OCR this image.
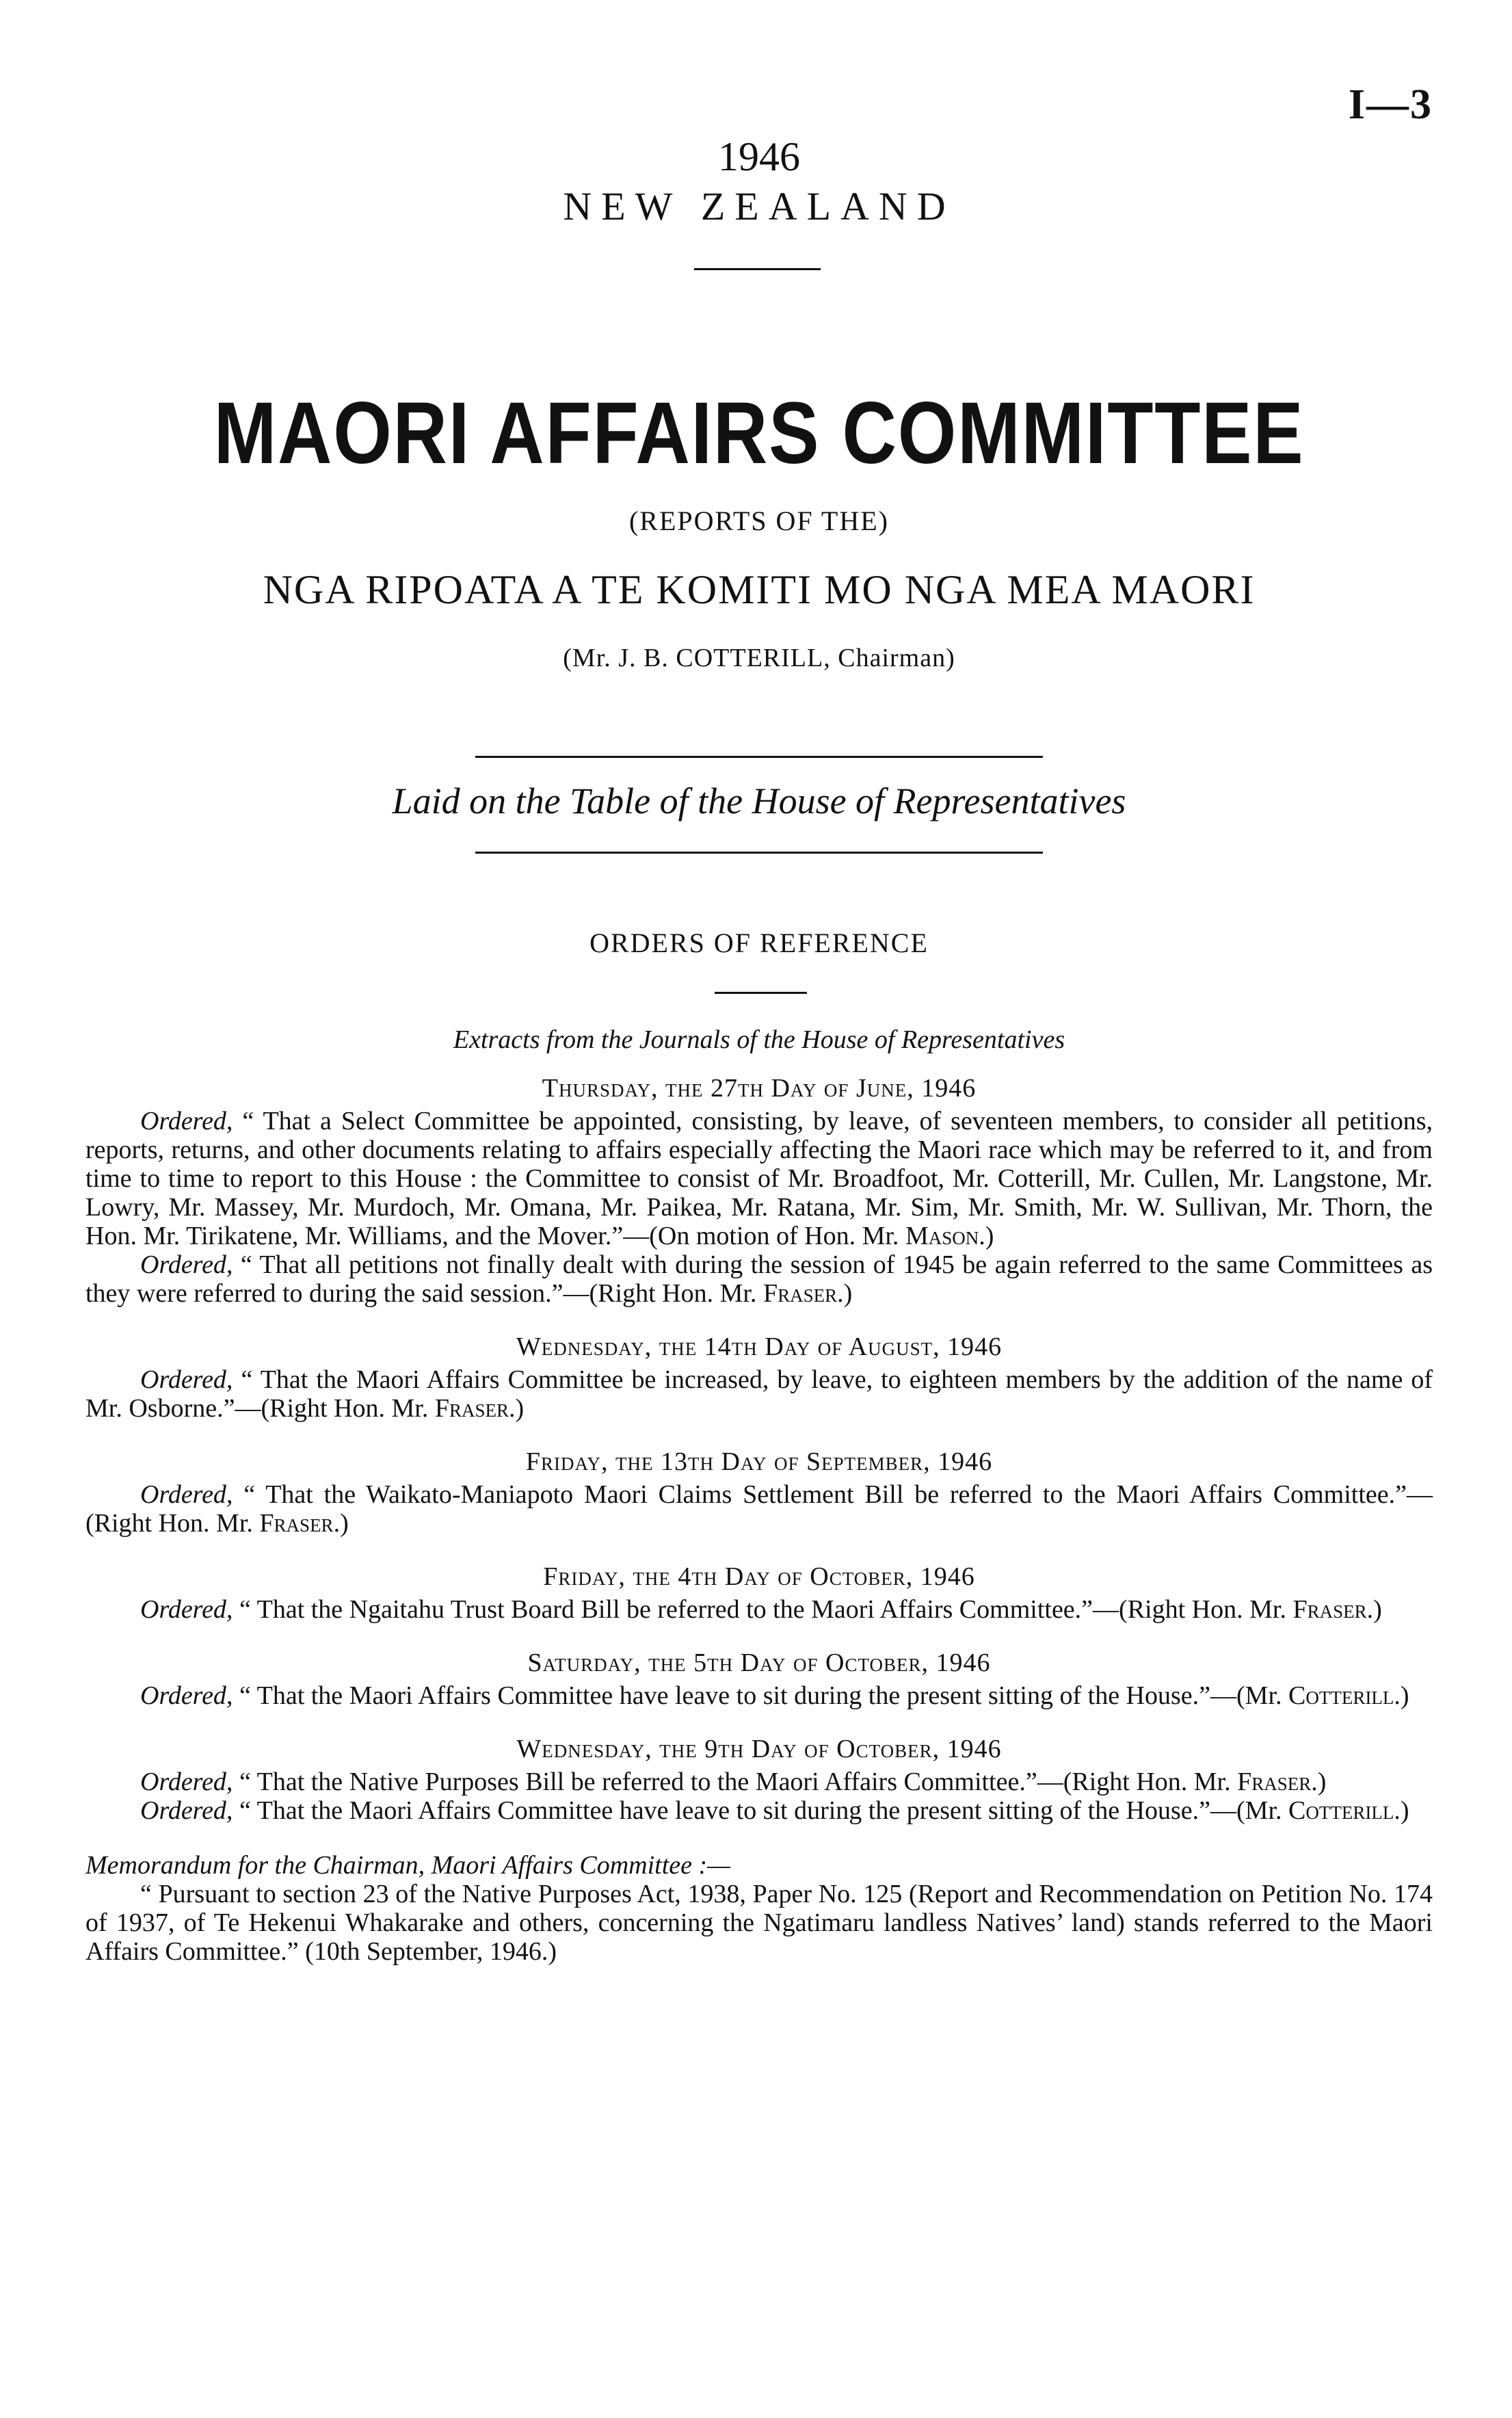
I—3
1946
NEW ZEALAND
MAORI AFFAIRS COMMITTEE
(REPORTS OF THE)
NGA RIPOATA A TE KOMITI MO NGA MEA MAORI
(Mr. J. B. COTTERILL, Chairman)
Laid on the Table of the House of Representatives
ORDERS OF REFERENCE
Extracts from the Journals of the House of Representatives
Thursday, the 27th Day of June, 1946

Ordered, “ That a Select Committee be appointed, consisting, by leave, of seventeen members, to consider all petitions, reports, returns, and other documents relating to affairs especially affecting the Maori race which may be referred to it, and from time to time to report to this House : the Committee to consist of Mr. Broadfoot, Mr. Cotterill, Mr. Cullen, Mr. Langstone, Mr. Lowry, Mr. Massey, Mr. Murdoch, Mr. Omana, Mr. Paikea, Mr. Ratana, Mr. Sim, Mr. Smith, Mr. W. Sullivan, Mr. Thorn, the Hon. Mr. Tirikatene, Mr. Williams, and the Mover.”—(On motion of Hon. Mr. Mason.)

Ordered, “ That all petitions not finally dealt with during the session of 1945 be again referred to the same Committees as they were referred to during the said session.”—(Right Hon. Mr. Fraser.)

Wednesday, the 14th Day of August, 1946

Ordered, “ That the Maori Affairs Committee be increased, by leave, to eighteen members by the addition of the name of Mr. Osborne.”—(Right Hon. Mr. Fraser.)

Friday, the 13th Day of September, 1946

Ordered, “ That the Waikato-Maniapoto Maori Claims Settlement Bill be referred to the Maori Affairs Committee.”—(Right Hon. Mr. Fraser.)

Friday, the 4th Day of October, 1946

Ordered, “ That the Ngaitahu Trust Board Bill be referred to the Maori Affairs Committee.”—(Right Hon. Mr. Fraser.)

Saturday, the 5th Day of October, 1946

Ordered, “ That the Maori Affairs Committee have leave to sit during the present sitting of the House.”—(Mr. Cotterill.)

Wednesday, the 9th Day of October, 1946

Ordered, “ That the Native Purposes Bill be referred to the Maori Affairs Committee.”—(Right Hon. Mr. Fraser.)

Ordered, “ That the Maori Affairs Committee have leave to sit during the present sitting of the House.”—(Mr. Cotterill.)

Memorandum for the Chairman, Maori Affairs Committee :—

“ Pursuant to section 23 of the Native Purposes Act, 1938, Paper No. 125 (Report and Recommendation on Petition No. 174 of 1937, of Te Hekenui Whakarake and others, concerning the Ngatimaru landless Natives’ land) stands referred to the Maori Affairs Committee.” (10th September, 1946.)
